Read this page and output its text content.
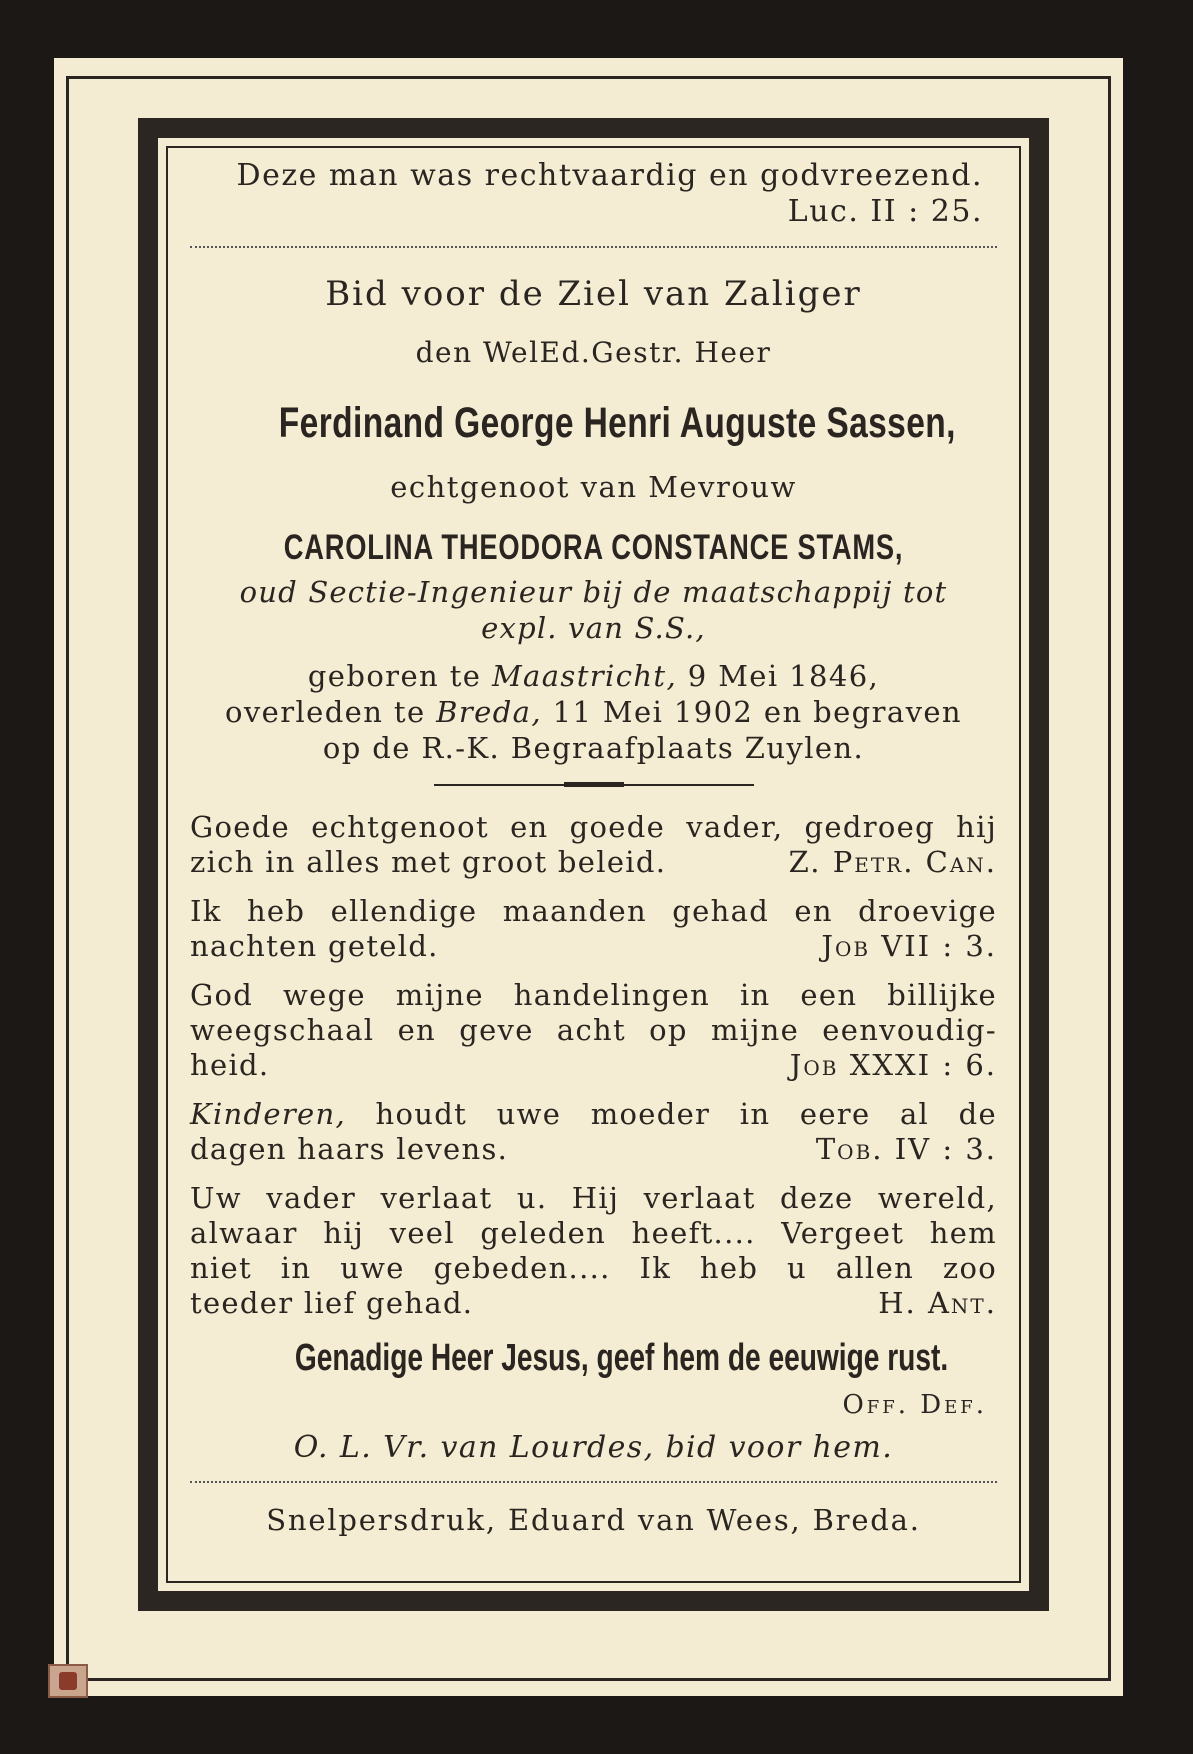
Deze man was rechtvaardig en godvreezend.
Luc. II : 25.
Bid voor de Ziel van Zaliger
den WelEd.Gestr. Heer
Ferdinand George Henri Auguste Sassen,
echtgenoot van Mevrouw
CAROLINA THEODORA CONSTANCE STAMS,
oud Sectie-Ingenieur bij de maatschappij tot
expl. van S.S.,
geboren te Maastricht, 9 Mei 1846,
overleden te Breda, 11 Mei 1902 en begraven
op de R.-K. Begraafplaats Zuylen.
Goede echtgenoot en goede vader, gedroeg hij
zich in alles met groot beleid.	Z. Petr. Can.
Ik heb ellendige maanden gehad en droevige
nachten geteld.	Job VII : 3.
God wege mijne handelingen in een billijke
weegschaal en geve acht op mijne eenvoudig-
heid.	Job XXXI : 6.
Kinderen, houdt uwe moeder in eere al de
dagen haars levens.	Tob. IV : 3.
Uw vader verlaat u. Hij verlaat deze wereld,
alwaar hij veel geleden heeft.... Vergeet hem
niet in uwe gebeden.... Ik heb u allen zoo
teeder lief gehad.	H. Ant.
Genadige Heer Jesus, geef hem de eeuwige rust.
Off. Def.
O. L. Vr. van Lourdes, bid voor hem.
Snelpersdruk, Eduard van Wees, Breda.
